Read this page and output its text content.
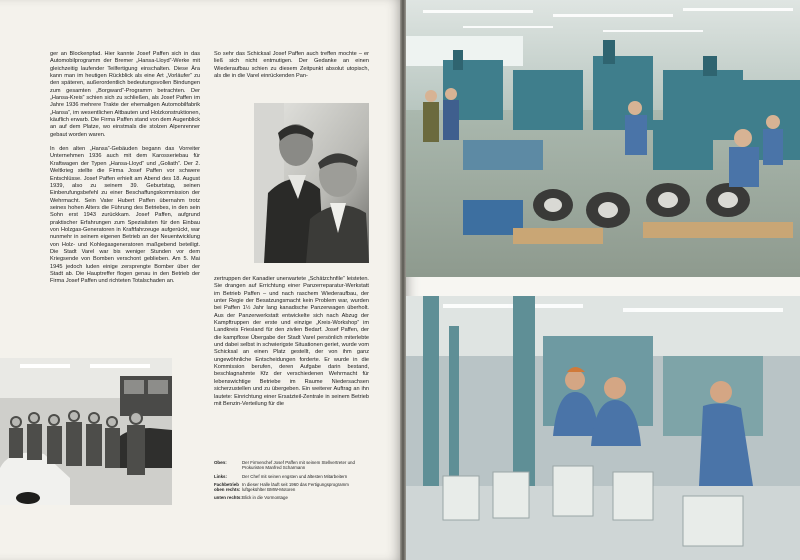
ger an Blockenpfad. Hier kannte Josef Paffen sich in das Automobilprogramm der Bremer „Hansa-Lloyd“-Werke mit gleichzeitig laufender Teilfertigung einschalten. Diese Ära kann man im heutigen Rückblick als eine Art „Vorläufer“ zu den späteren, außerordentlich bedeutungsvollen Bindungen zum gesamten „Borgward“-Programm betrachten. Der „Hansa-Kreis“ schien sich zu schließen, als Josef Paffen im Jahre 1936 mehrere Trakte der ehemaligen Automobilfabrik „Hansa“, im wesentlichen Altbauten und Holzkonstruktionen, käuflich erwarb. Die Firma Paffen stand von dem Augenblick an auf dem Platze, wo einstmals die stolzen Alpenrenner gebaut worden waren.

In den alten „Hansa“-Gebäuden begann das Vorreiter Unternehmen 1936 auch mit dem Karosseriebau für Kraftwagen der Typen „Hansa-Lloyd“ und „Goliath“. Der 2. Weltkrieg stellte die Firma Josef Paffen vor schwere Entschlüsse. Josef Paffen erhielt am Abend des 18. August 1939, also zu seinem 39. Geburtstag, seinen Einberufungsbefehl zu einer Beschaffungskommission der Wehrmacht. Sein Vater Hubert Paffen übernahm trotz seines hohen Alters die Führung des Betriebes, in den sein Sohn erst 1943 zurückkam. Josef Paffen, aufgrund praktischer Erfahrungen zum Spezialisten für den Einbau von Holzgas-Generatoren in Kraftfahrzeuge aufgerückt, war nunmehr in seinem eigenen Betrieb an der Neuentwicklung von Holz- und Kohlegasgeneratoren maßgebend beteiligt. Die Stadt Varel war bis weniger Stunden vor dem Kriegsende von Bomben verschont geblieben. Am 5. Mai 1945 jedoch luden einige zersprengte Bomber über der Stadt ab. Die Hauptreffer flogen genau in den Betrieb der Firma Josef Paffen und richteten Totalschaden an.

So sehr das Schicksal Josef Paffen auch treffen mochte – er ließ sich nicht entmutigen. Der Gedanke an einen Wiederaufbau schien zu diesem Zeitpunkt absolut utopisch, als die in die Varel einrückenden Pan-

zertruppen der Kanadier unerwartete „Schätzchnfile“ leisteten. Sie drangen auf Errichtung einer Panzerreparatur-Werkstatt im Betrieb Paffen – und nach raschem Wiederaufbau, der unter Regie der Besatzungsmacht kein Problem war, wurden bei Paffen 1½ Jahr lang kanadische Panzerwagen überholt. Aus der Panzerwerkstatt entwickelte sich nach Abzug der Kampftruppen der erste und einzige „Kreis-Workshop“ im Landkreis Friesland für den zivilen Bedarf. Josef Paffen, der die kampflose Übergabe der Stadt Varel persönlich miterlebte und dabei selbst in schwierigste Situationen geriet, wurde vom Schicksal an einen Platz gestellt, der von ihm ganz ungewöhnliche Entscheidungen forderte. Er wurde in die Kommission berufen, deren Aufgabe darin bestand, beschlagnahmte Kfz der verschiedenen Wehrmacht für lebenswichtige Betriebe im Raume Niedersachsen sicherzustellen und zu übergeben. Ein weiterer Auftrag an ihn lautete: Einrichtung einer Ersatzteil-Zentrale in seinem Betrieb mit Benzin-Verteilung für die

Oben:	Der Firmenchef Josef Paffen mit seinem Stellvertreter und Prokuristen Manfred Scharmann
Links:	Der Chef mit seinen engsten und ältesten Mitarbeitern
Fachbetrieb oben rechts:
In dieser Halle läuft seit 1960 das Fertigungsprogramm luftgekühlter BMW-Motoren
unten rechts: Blick in die Vormontage
